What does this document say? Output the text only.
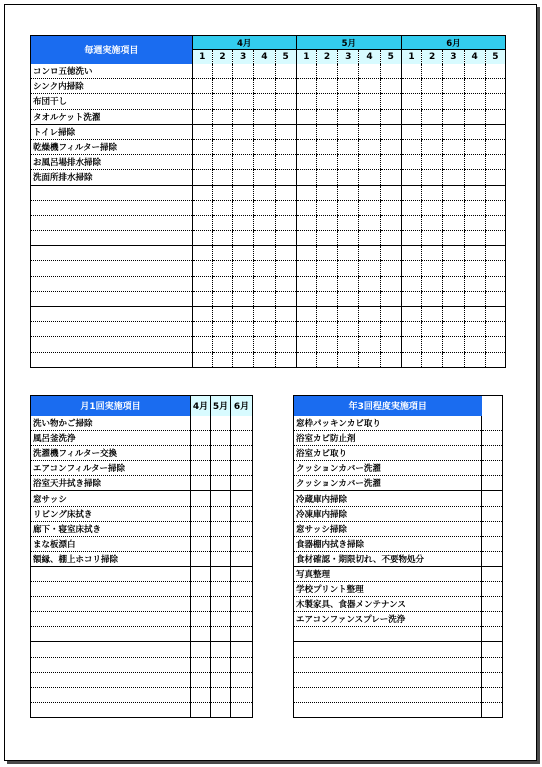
毎週実施項目	4月					5月					6月				
	1	2	3	4	5	1	2	3	4	5	1	2	3	4	5
コンロ五徳洗い															
シンク内掃除															
布団干し															
タオルケット洗濯															
トイレ掃除															
乾燥機フィルター掃除															
お風呂場排水掃除															
洗面所排水掃除															

月1回実施項目	4月	5月	6月
洗い物かご掃除			
風呂釜洗浄			
洗濯機フィルター交換			
エアコンフィルター掃除			
浴室天井拭き掃除			
窓サッシ			
リビング床拭き			
廊下・寝室床拭き			
まな板漂白			
額縁、棚上ホコリ掃除			

年3回程度実施項目	
窓枠パッキンカビ取り	
浴室カビ防止剤	
浴室カビ取り	
クッションカバー洗濯	
クッションカバー洗濯	
冷蔵庫内掃除	
冷凍庫内掃除	
窓サッシ掃除	
食器棚内拭き掃除	
食材確認・期限切れ、不要物処分	
写真整理	
学校プリント整理	
木製家具、食器メンテナンス	
エアコンファンスプレー洗浄	
